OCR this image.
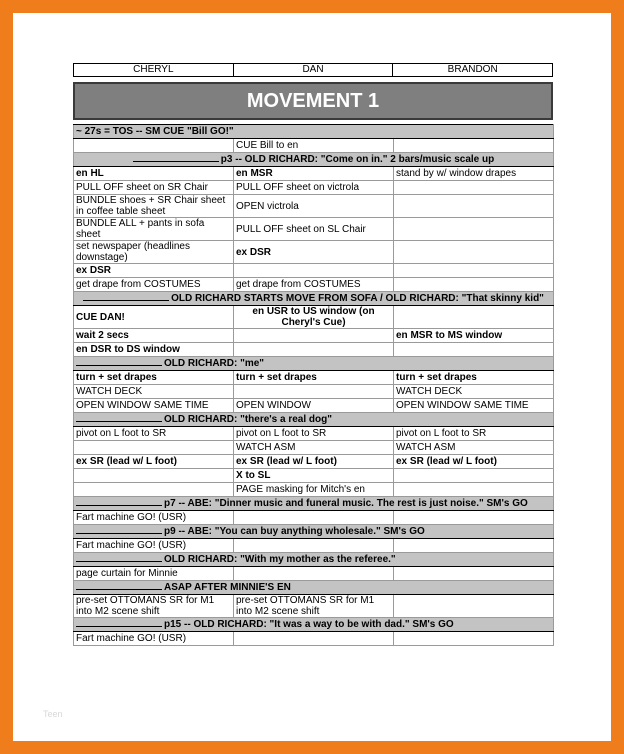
CHERYL	DAN	BRANDON
MOVEMENT 1
~ 27s = TOS -- SM CUE "Bill GO!"		
	CUE Bill to en	
p3 -- OLD RICHARD: "Come on in." 2 bars/music scale up		
en HL	en MSR	stand by w/ window drapes
PULL OFF sheet on SR Chair	PULL OFF sheet on victrola	
BUNDLE shoes + SR Chair sheet in coffee table sheet	OPEN victrola	
BUNDLE ALL + pants in sofa sheet	PULL OFF sheet on SL Chair	
set newspaper (headlines downstage)	ex DSR	
ex DSR		
get drape from COSTUMES	get drape from COSTUMES	
OLD RICHARD STARTS MOVE FROM SOFA / OLD RICHARD: "That skinny kid"		
CUE DAN!	en USR to US window (on Cheryl's Cue)	
wait 2 secs		en MSR to MS window
en DSR to DS window		
OLD RICHARD: "me"		
turn + set drapes	turn + set drapes	turn + set drapes
WATCH DECK		WATCH DECK
OPEN WINDOW SAME TIME	OPEN WINDOW	OPEN WINDOW SAME TIME
OLD RICHARD: "there's a real dog"		
pivot on L foot to SR	pivot on L foot to SR	pivot on L foot to SR
	WATCH ASM	WATCH ASM
ex SR (lead w/ L foot)	ex SR (lead w/ L foot)	ex SR (lead w/ L foot)
	X to SL	
	PAGE masking for Mitch's en	
p7 -- ABE: "Dinner music and funeral music. The rest is just noise." SM's GO		
Fart machine GO! (USR)		
p9 -- ABE: "You can buy anything wholesale." SM's GO		
Fart machine GO! (USR)		
OLD RICHARD: "With my mother as the referee."		
page curtain for Minnie		
ASAP AFTER MINNIE'S EN		
pre-set OTTOMANS SR for M1 into M2 scene shift	pre-set OTTOMANS SR for M1 into M2 scene shift	
p15 -- OLD RICHARD: "It was a way to be with dad." SM's GO		
Fart machine GO! (USR)		
Teen
